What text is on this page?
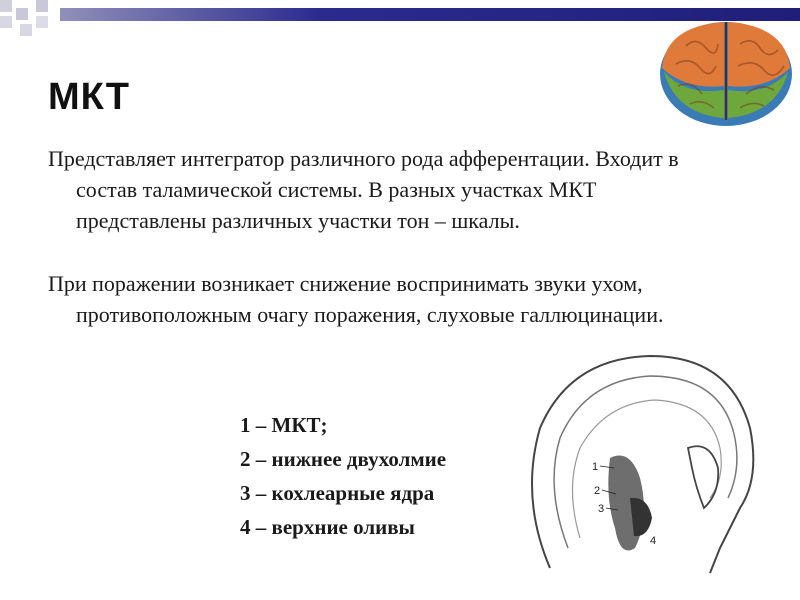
МКТ

Представляет интегратор различного рода афферентации. Входит в состав таламической системы. В разных участках МКТ представлены различных участки тон – шкалы.

При поражении возникает снижение воспринимать звуки ухом, противоположным очагу поражения, слуховые галлюцинации.

1 – МКТ;
2 – нижнее двухолмие
3 – кохлеарные ядра
4 – верхние оливы
1
2
3
4
